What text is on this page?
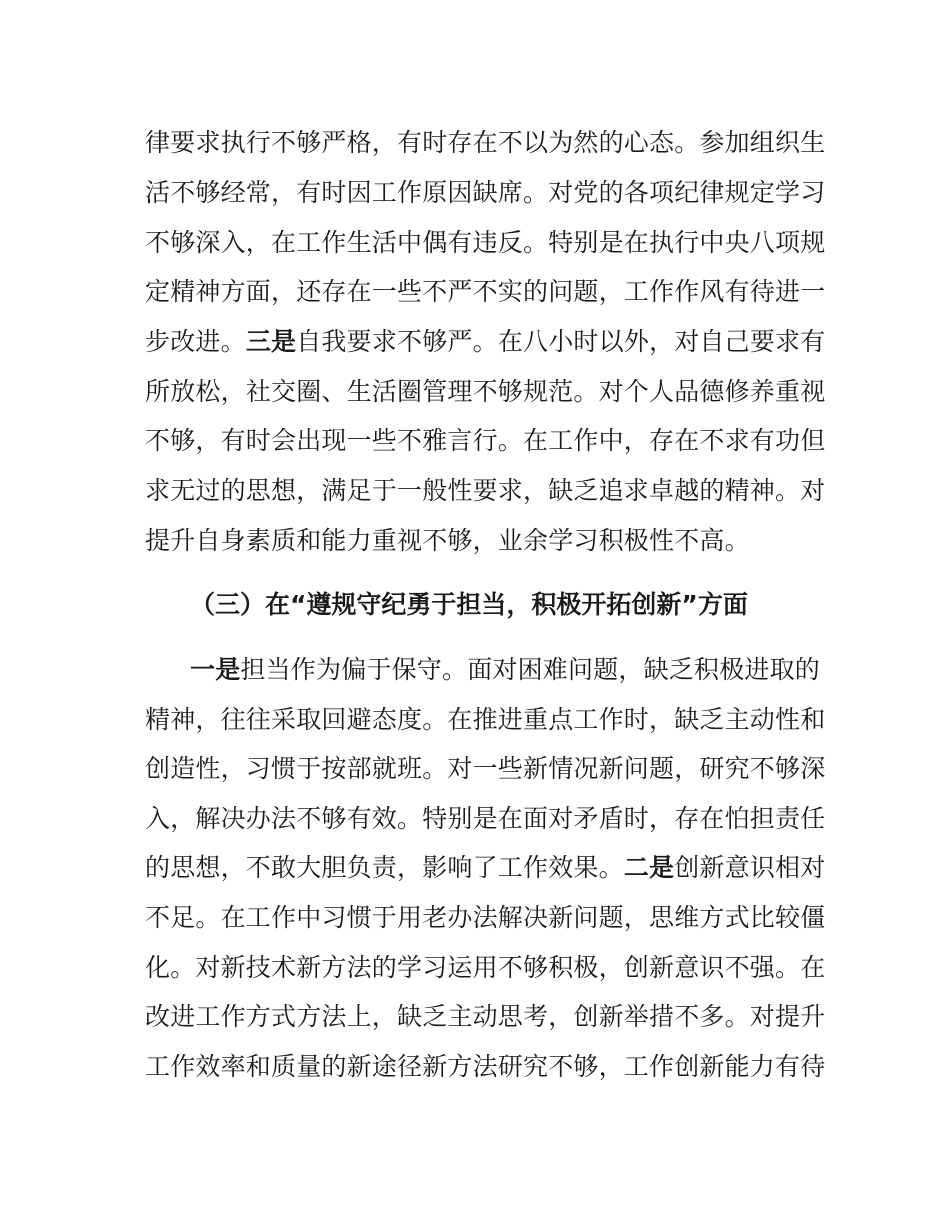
律要求执行不够严格，有时存在不以为然的心态。参加组织生
活不够经常，有时因工作原因缺席。对党的各项纪律规定学习
不够深入，在工作生活中偶有违反。特别是在执行中央八项规
定精神方面，还存在一些不严不实的问题，工作作风有待进一
步改进。三是自我要求不够严。在八小时以外，对自己要求有
所放松，社交圈、生活圈管理不够规范。对个人品德修养重视
不够，有时会出现一些不雅言行。在工作中，存在不求有功但
求无过的思想，满足于一般性要求，缺乏追求卓越的精神。对
提升自身素质和能力重视不够，业余学习积极性不高。
（三）在“遵规守纪勇于担当，积极开拓创新”方面
一是担当作为偏于保守。面对困难问题，缺乏积极进取的
精神，往往采取回避态度。在推进重点工作时，缺乏主动性和
创造性，习惯于按部就班。对一些新情况新问题，研究不够深
入，解决办法不够有效。特别是在面对矛盾时，存在怕担责任
的思想，不敢大胆负责，影响了工作效果。二是创新意识相对
不足。在工作中习惯于用老办法解决新问题，思维方式比较僵
化。对新技术新方法的学习运用不够积极，创新意识不强。在
改进工作方式方法上，缺乏主动思考，创新举措不多。对提升
工作效率和质量的新途径新方法研究不够，工作创新能力有待
